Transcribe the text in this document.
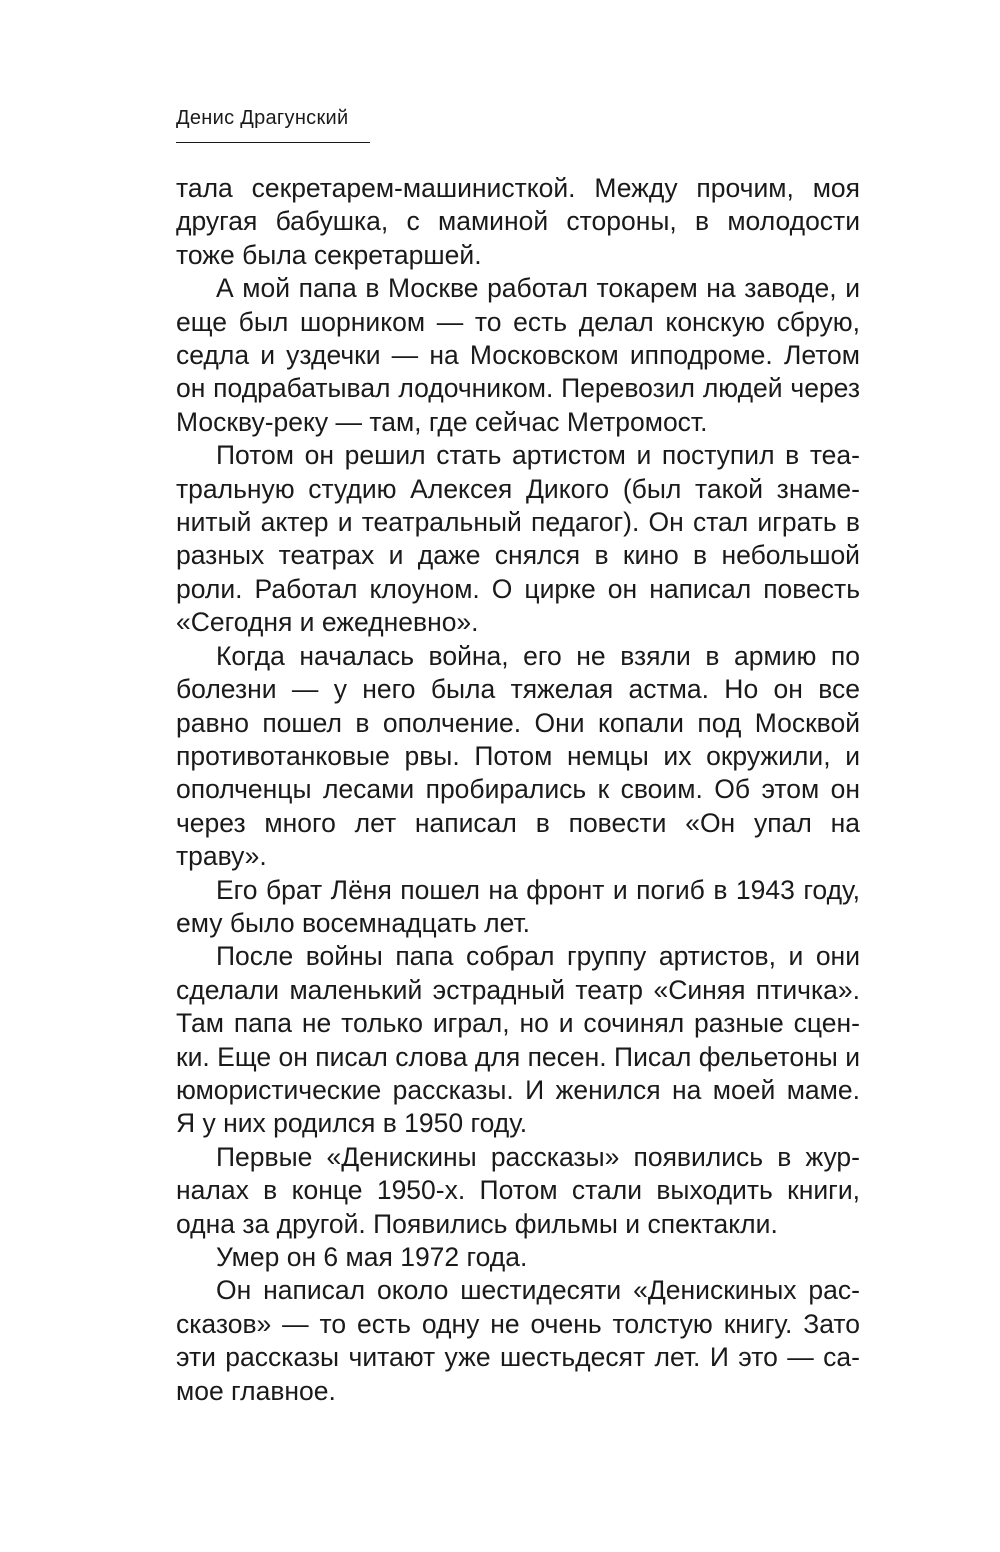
Денис Драгунский

тала секретарем-машинисткой. Между прочим, моя другая бабушка, с маминой стороны, в молодости тоже была секретаршей.

А мой папа в Москве работал токарем на заводе, и еще был шорником — то есть делал конскую сбрую, седла и уздечки — на Московском ипподроме. Летом он подрабатывал лодочником. Перевозил людей через Москву-реку — там, где сейчас Метромост.

Потом он решил стать артистом и поступил в театральную студию Алексея Дикого (был такой знаменитый актер и театральный педагог). Он стал играть в разных театрах и даже снялся в кино в небольшой роли. Работал клоуном. О цирке он написал повесть «Сегодня и ежедневно».

Когда началась война, его не взяли в армию по болезни — у него была тяжелая астма. Но он все равно пошел в ополчение. Они копали под Москвой противотанковые рвы. Потом немцы их окружили, и ополченцы лесами пробирались к своим. Об этом он через много лет написал в повести «Он упал на траву».

Его брат Лёня пошел на фронт и погиб в 1943 году, ему было восемнадцать лет.

После войны папа собрал группу артистов, и они сделали маленький эстрадный театр «Синяя птичка». Там папа не только играл, но и сочинял разные сценки. Еще он писал слова для песен. Писал фельетоны и юмористические рассказы. И женился на моей маме. Я у них родился в 1950 году.

Первые «Денискины рассказы» появились в журналах в конце 1950-х. Потом стали выходить книги, одна за другой. Появились фильмы и спектакли.

Умер он 6 мая 1972 года.

Он написал около шестидесяти «Денискиных рассказов» — то есть одну не очень толстую книгу. Зато эти рассказы читают уже шестьдесят лет. И это — самое главное.
